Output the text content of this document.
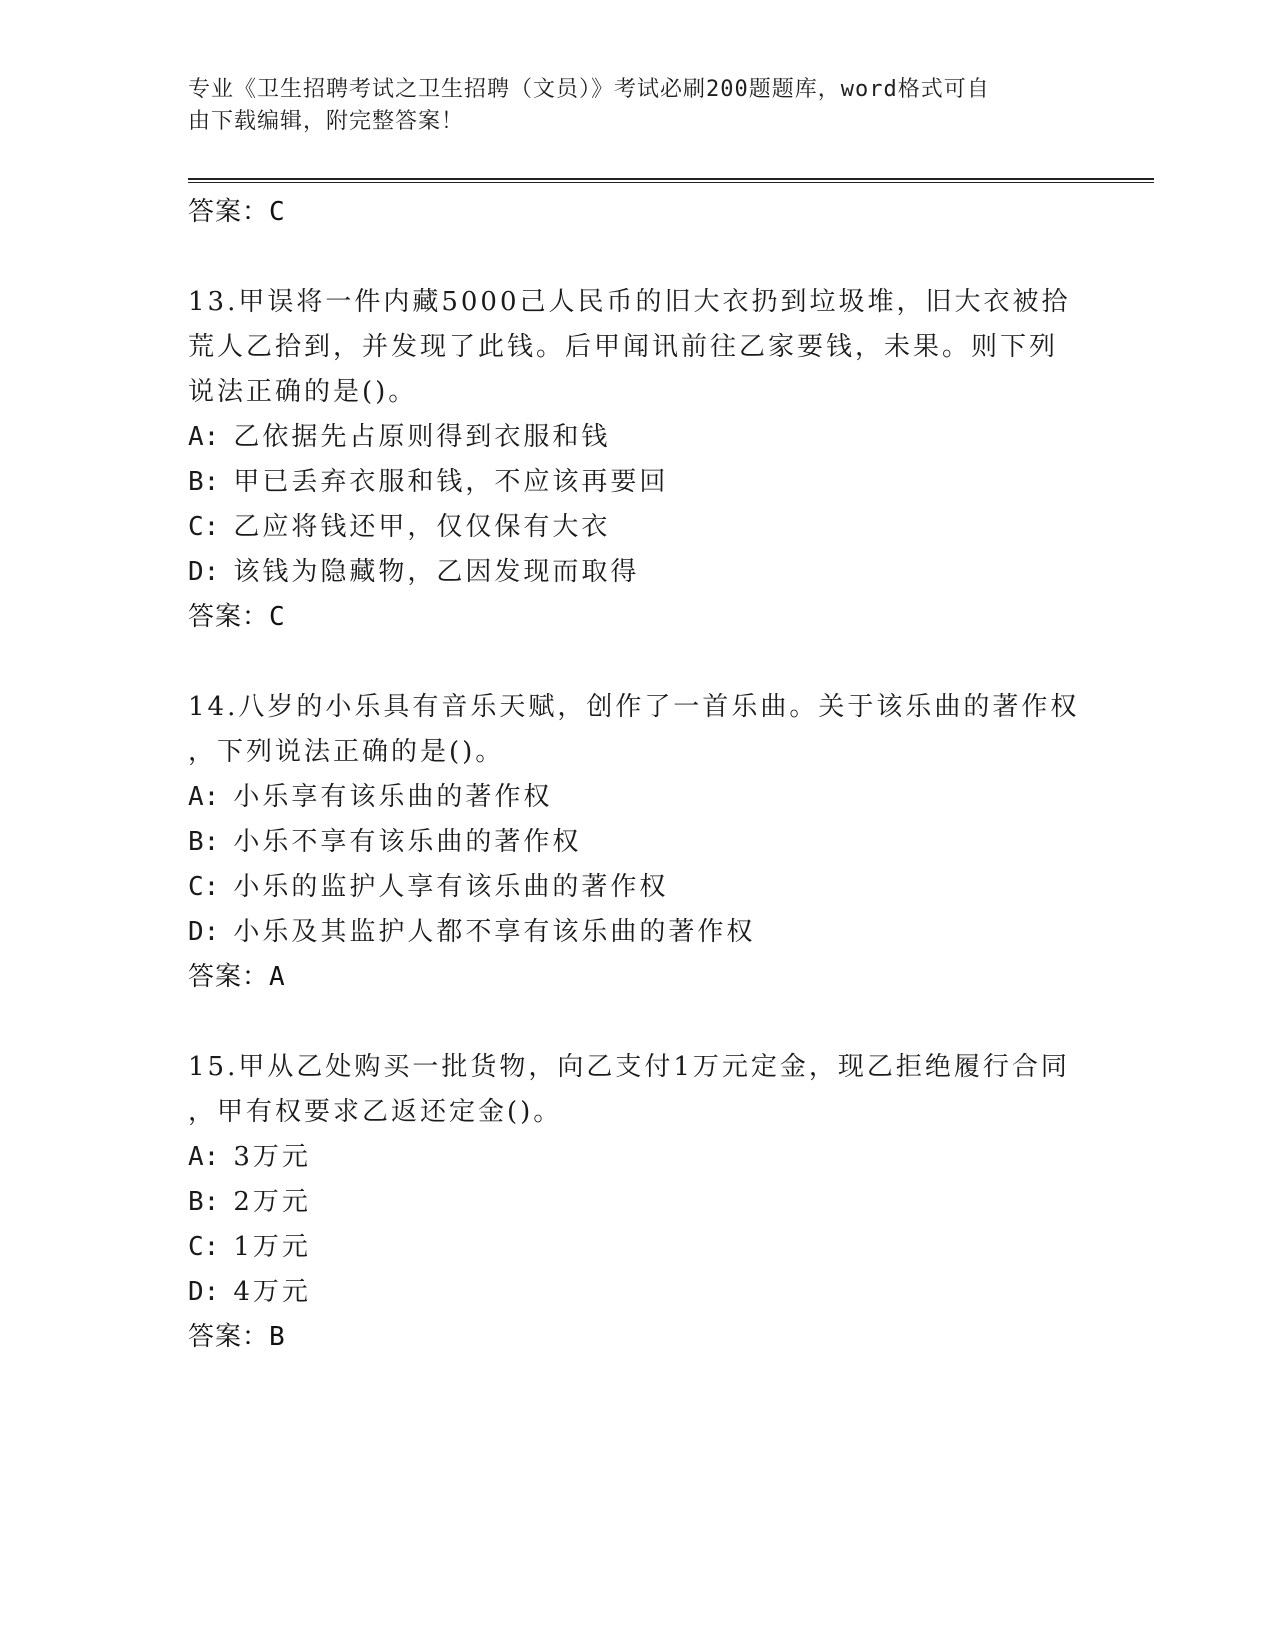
专业《卫生招聘考试之卫生招聘（文员）》考试必刷200题题库，word格式可自
由下载编辑，附完整答案！
答案：C
13.甲误将一件内藏5000己人民币的旧大衣扔到垃圾堆，旧大衣被拾
荒人乙拾到，并发现了此钱。后甲闻讯前往乙家要钱，未果。则下列
说法正确的是()。
A: 乙依据先占原则得到衣服和钱
B: 甲已丢弃衣服和钱，不应该再要回
C: 乙应将钱还甲，仅仅保有大衣
D: 该钱为隐藏物，乙因发现而取得
答案：C
14.八岁的小乐具有音乐天赋，创作了一首乐曲。关于该乐曲的著作权
，下列说法正确的是()。
A: 小乐享有该乐曲的著作权
B: 小乐不享有该乐曲的著作权
C: 小乐的监护人享有该乐曲的著作权
D: 小乐及其监护人都不享有该乐曲的著作权
答案：A
15.甲从乙处购买一批货物，向乙支付1万元定金，现乙拒绝履行合同
，甲有权要求乙返还定金()。
A: 3万元
B: 2万元
C: 1万元
D: 4万元
答案：B
